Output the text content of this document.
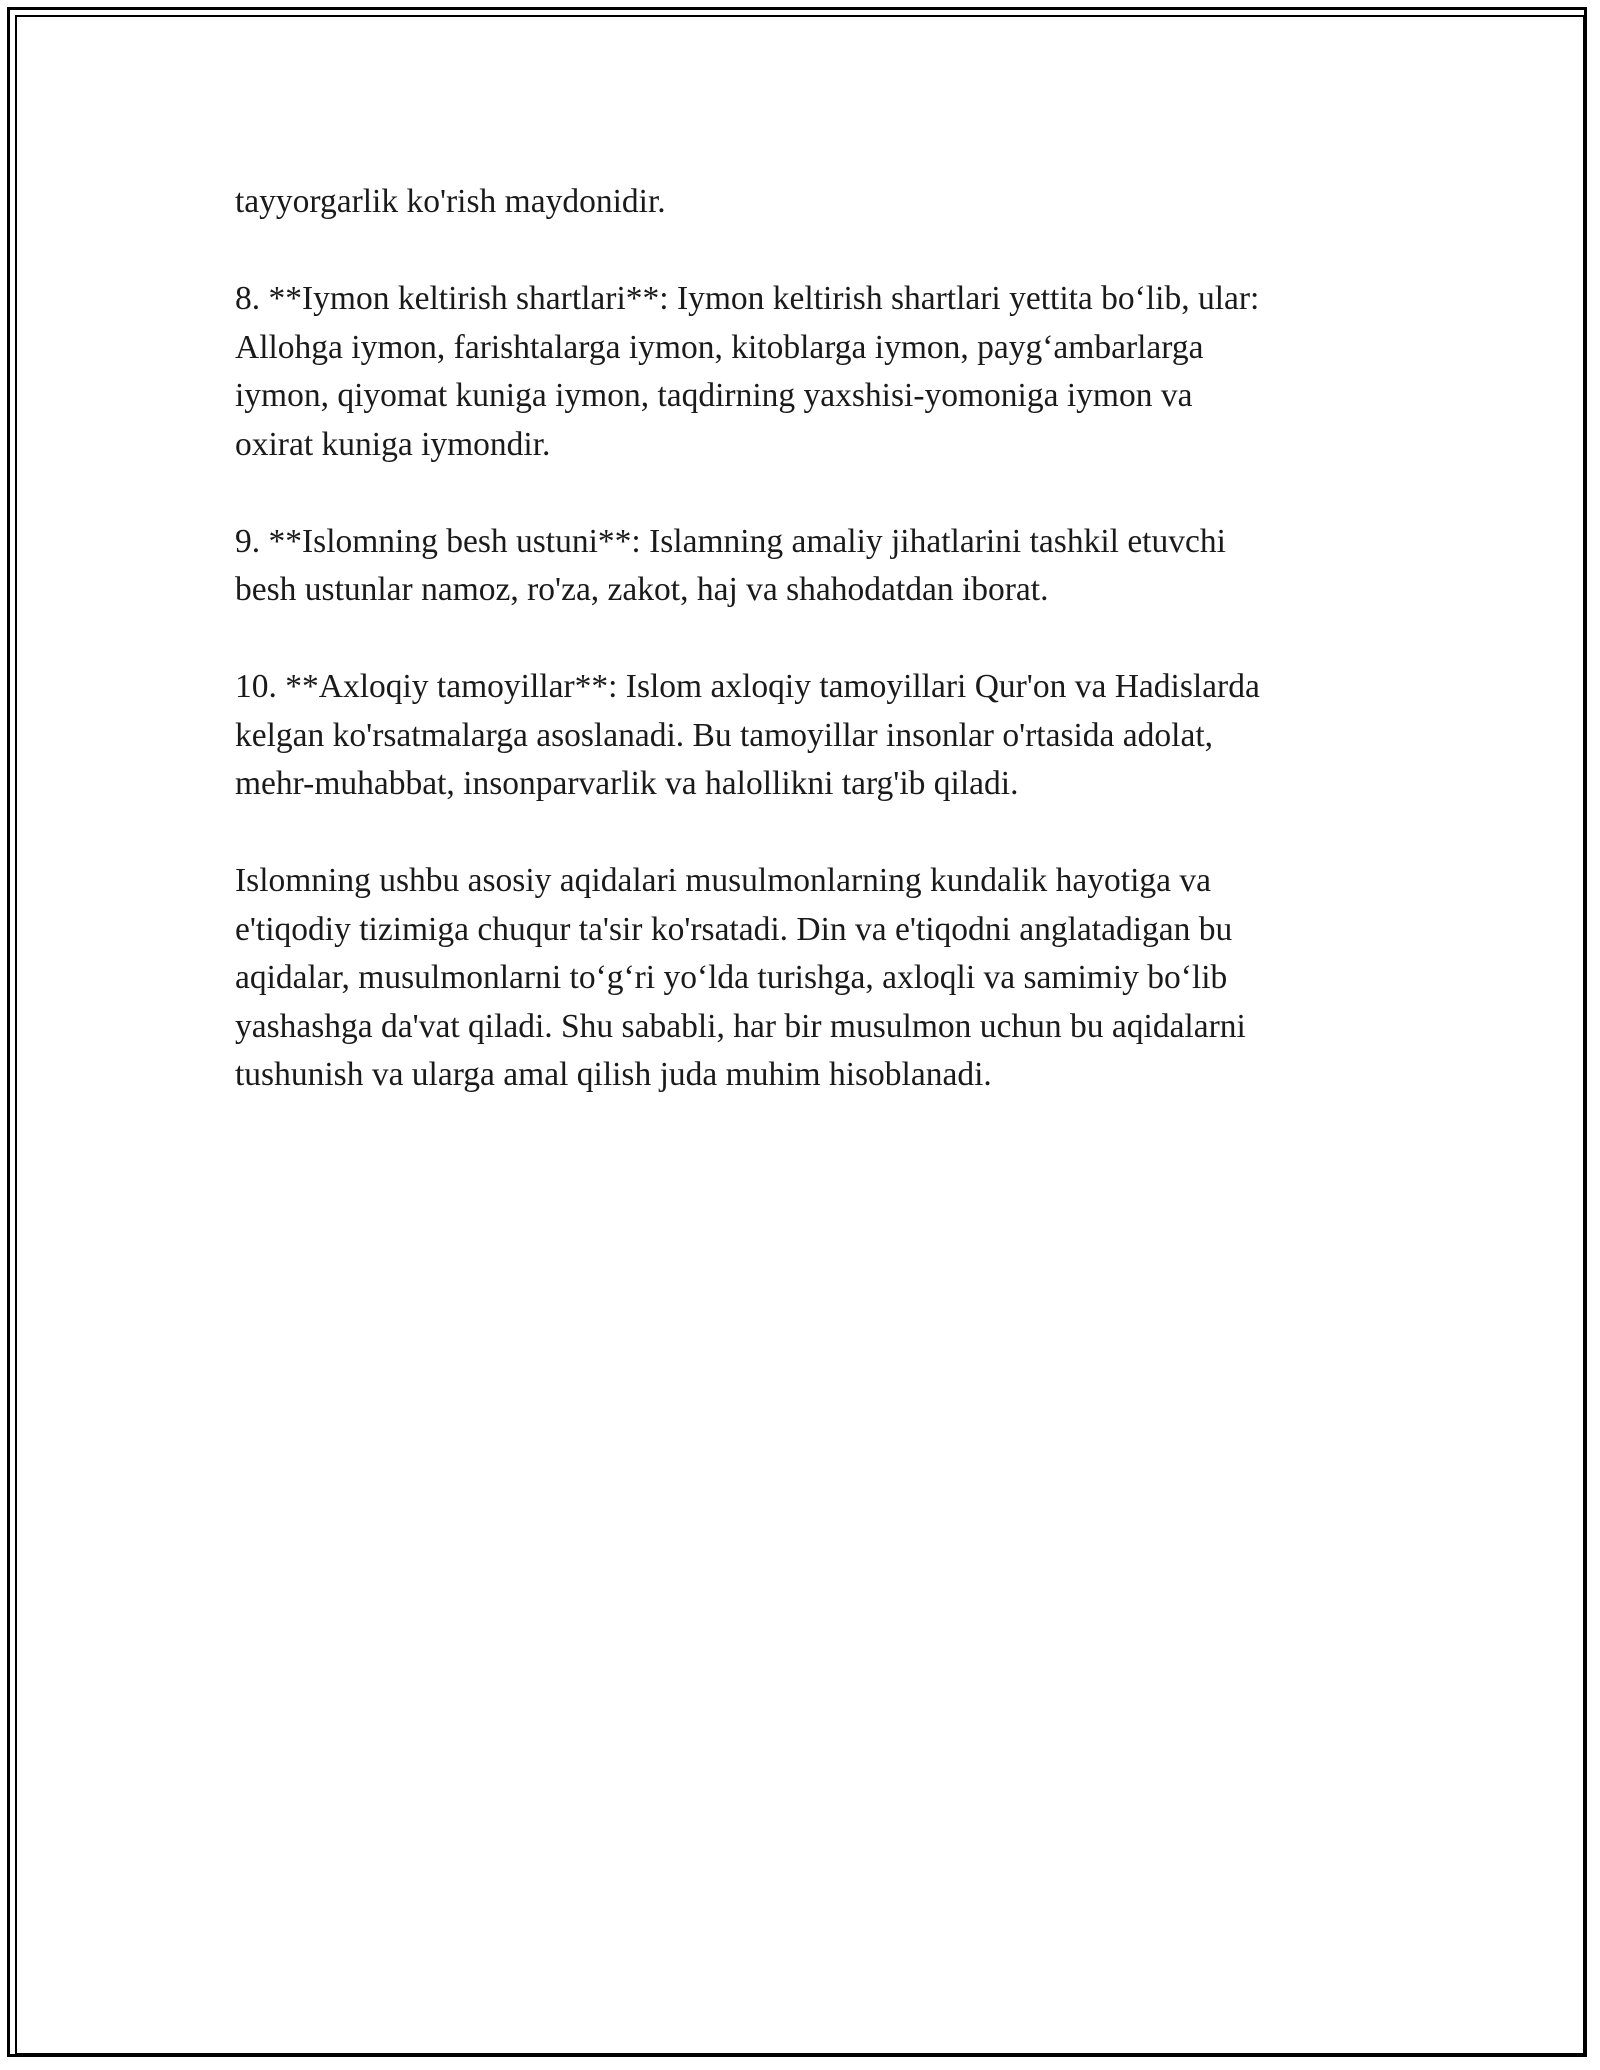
tayyorgarlik ko'rish maydonidir.

8. **Iymon keltirish shartlari**: Iymon keltirish shartlari yettita bo‘lib, ular:
Allohga iymon, farishtalarga iymon, kitoblarga iymon, payg‘ambarlarga
iymon, qiyomat kuniga iymon, taqdirning yaxshisi-yomoniga iymon va
oxirat kuniga iymondir.

9. **Islomning besh ustuni**: Islamning amaliy jihatlarini tashkil etuvchi
besh ustunlar namoz, ro'za, zakot, haj va shahodatdan iborat.

10. **Axloqiy tamoyillar**: Islom axloqiy tamoyillari Qur'on va Hadislarda
kelgan ko'rsatmalarga asoslanadi. Bu tamoyillar insonlar o'rtasida adolat,
mehr-muhabbat, insonparvarlik va halollikni targ'ib qiladi.

Islomning ushbu asosiy aqidalari musulmonlarning kundalik hayotiga va
e'tiqodiy tizimiga chuqur ta'sir ko'rsatadi. Din va e'tiqodni anglatadigan bu
aqidalar, musulmonlarni to‘g‘ri yo‘lda turishga, axloqli va samimiy bo‘lib
yashashga da'vat qiladi. Shu sababli, har bir musulmon uchun bu aqidalarni
tushunish va ularga amal qilish juda muhim hisoblanadi.
